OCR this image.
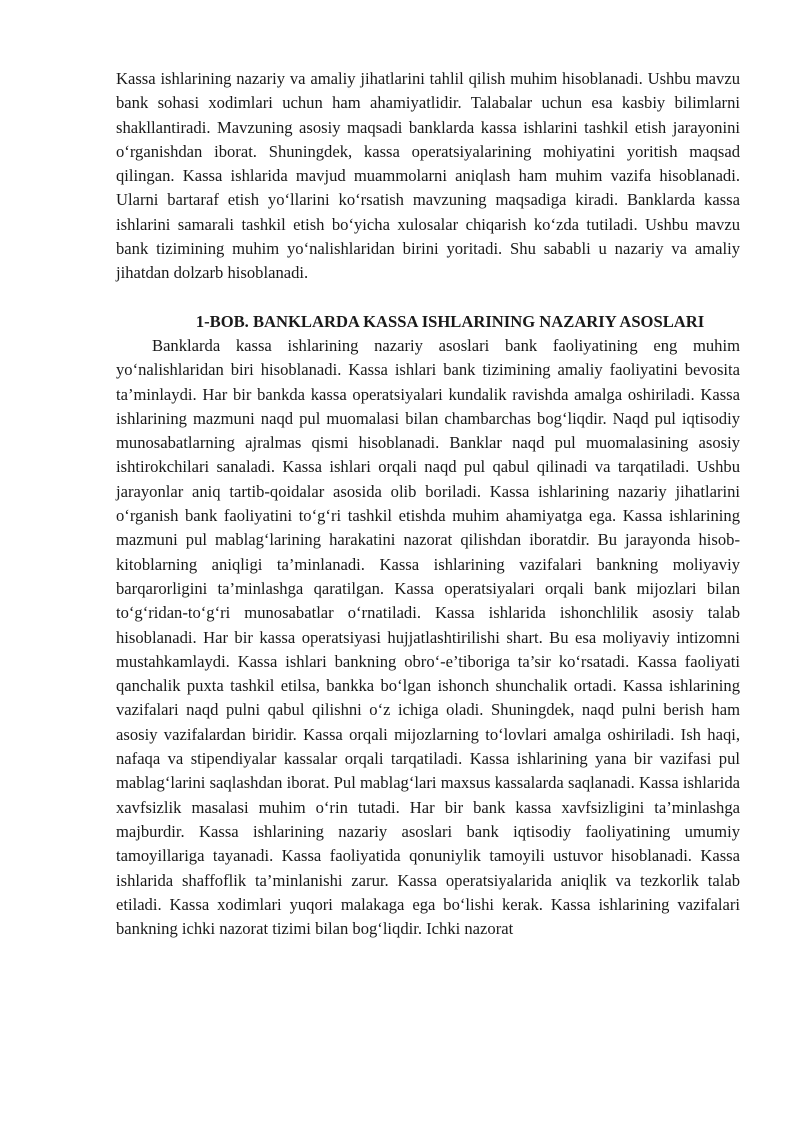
Kassa ishlarining nazariy va amaliy jihatlarini tahlil qilish muhim hisoblanadi. Ushbu mavzu bank sohasi xodimlari uchun ham ahamiyatlidir. Talabalar uchun esa kasbiy bilimlarni shakllantiradi. Mavzuning asosiy maqsadi banklarda kassa ishlarini tashkil etish jarayonini o‘rganishdan iborat. Shuningdek, kassa operatsiyalarining mohiyatini yoritish maqsad qilingan. Kassa ishlarida mavjud muammolarni aniqlash ham muhim vazifa hisoblanadi. Ularni bartaraf etish yo‘llarini ko‘rsatish mavzuning maqsadiga kiradi. Banklarda kassa ishlarini samarali tashkil etish bo‘yicha xulosalar chiqarish ko‘zda tutiladi. Ushbu mavzu bank tizimining muhim yo‘nalishlaridan birini yoritadi. Shu sababli u nazariy va amaliy jihatdan dolzarb hisoblanadi.

1-BOB. BANKLARDA KASSA ISHLARINING NAZARIY ASOSLARI

Banklarda kassa ishlarining nazariy asoslari bank faoliyatining eng muhim yo‘nalishlaridan biri hisoblanadi. Kassa ishlari bank tizimining amaliy faoliyatini bevosita ta’minlaydi. Har bir bankda kassa operatsiyalari kundalik ravishda amalga oshiriladi. Kassa ishlarining mazmuni naqd pul muomalasi bilan chambarchas bog‘liqdir. Naqd pul iqtisodiy munosabatlarning ajralmas qismi hisoblanadi. Banklar naqd pul muomalasining asosiy ishtirokchilari sanaladi. Kassa ishlari orqali naqd pul qabul qilinadi va tarqatiladi. Ushbu jarayonlar aniq tartib-qoidalar asosida olib boriladi. Kassa ishlarining nazariy jihatlarini o‘rganish bank faoliyatini to‘g‘ri tashkil etishda muhim ahamiyatga ega. Kassa ishlarining mazmuni pul mablag‘larining harakatini nazorat qilishdan iboratdir. Bu jarayonda hisob-kitoblarning aniqligi ta’minlanadi. Kassa ishlarining vazifalari bankning moliyaviy barqarorligini ta’minlashga qaratilgan. Kassa operatsiyalari orqali bank mijozlari bilan to‘g‘ridan-to‘g‘ri munosabatlar o‘rnatiladi. Kassa ishlarida ishonchlilik asosiy talab hisoblanadi. Har bir kassa operatsiyasi hujjatlashtirilishi shart. Bu esa moliyaviy intizomni mustahkamlaydi. Kassa ishlari bankning obro‘-e’tiboriga ta’sir ko‘rsatadi. Kassa faoliyati qanchalik puxta tashkil etilsa, bankka bo‘lgan ishonch shunchalik ortadi. Kassa ishlarining vazifalari naqd pulni qabul qilishni o‘z ichiga oladi. Shuningdek, naqd pulni berish ham asosiy vazifalardan biridir. Kassa orqali mijozlarning to‘lovlari amalga oshiriladi. Ish haqi, nafaqa va stipendiyalar kassalar orqali tarqatiladi. Kassa ishlarining yana bir vazifasi pul mablag‘larini saqlashdan iborat. Pul mablag‘lari maxsus kassalarda saqlanadi. Kassa ishlarida xavfsizlik masalasi muhim o‘rin tutadi. Har bir bank kassa xavfsizligini ta’minlashga majburdir. Kassa ishlarining nazariy asoslari bank iqtisodiy faoliyatining umumiy tamoyillariga tayanadi. Kassa faoliyatida qonuniylik tamoyili ustuvor hisoblanadi. Kassa ishlarida shaffoflik ta’minlanishi zarur. Kassa operatsiyalarida aniqlik va tezkorlik talab etiladi. Kassa xodimlari yuqori malakaga ega bo‘lishi kerak. Kassa ishlarining vazifalari bankning ichki nazorat tizimi bilan bog‘liqdir. Ichki nazorat
